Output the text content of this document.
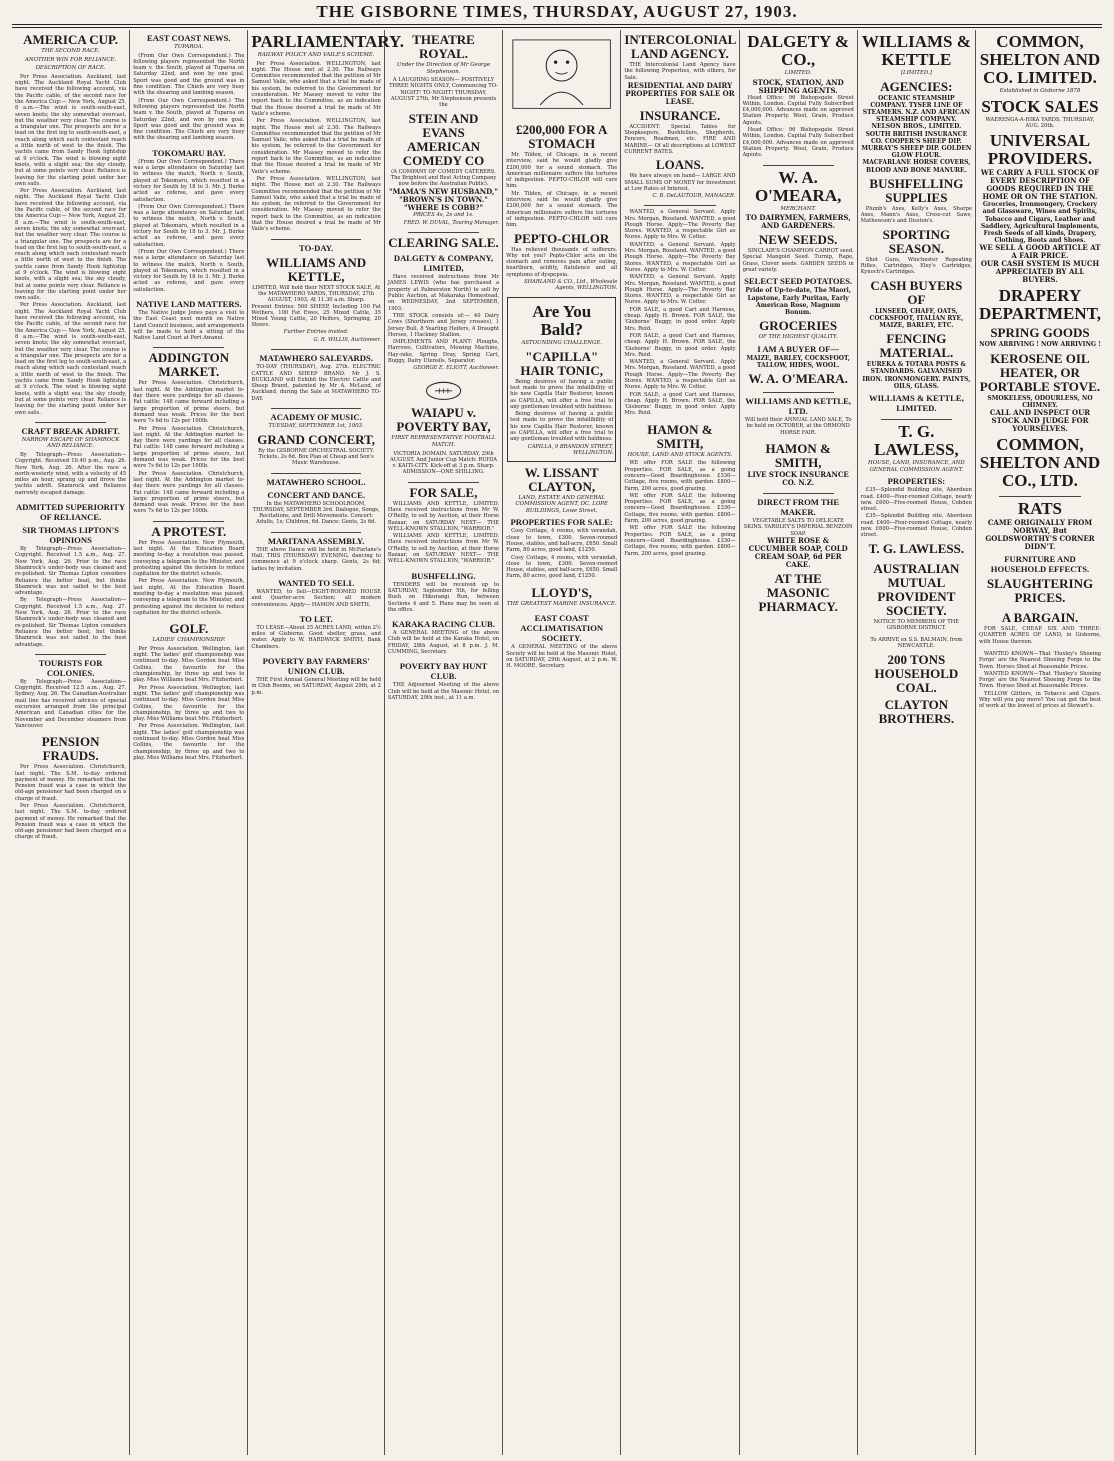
THE GISBORNE TIMES, THURSDAY, AUGUST 27, 1903.
AMERICA CUP.
THE SECOND RACE.
ANOTHER WIN FOR RELIANCE.
DESCRIPTION OF RACE.

Per Press Association. Auckland, last night. The Auckland Royal Yacht Club have received the following account, via the Pacific cable, of the second race for the America Cup:— New York, August 25, 8 a.m.—The wind is south-south-east, seven knots; the sky somewhat overcast, but the weather very clear. The course is a triangular one. The prospects are for a lead on the first leg to south-south-east, a reach along which each contestant reach a little north of west to the finish. The yachts came from Sandy Hook lightship at 9 o'clock. The wind is blowing eight knots, with a slight sea; the sky cloudy, but at some points very clear. Reliance is leaving for the starting point under her own sails.

Per Press Association. Auckland, last night. The Auckland Royal Yacht Club have received the following account, via the Pacific cable, of the second race for the America Cup:— New York, August 25, 8 a.m.—The wind is south-south-east, seven knots; the sky somewhat overcast, but the weather very clear. The course is a triangular one. The prospects are for a lead on the first leg to south-south-east, a reach along which each contestant reach a little north of west to the finish. The yachts came from Sandy Hook lightship at 9 o'clock. The wind is blowing eight knots, with a slight sea; the sky cloudy, but at some points very clear. Reliance is leaving for the starting point under her own sails.

Per Press Association. Auckland, last night. The Auckland Royal Yacht Club have received the following account, via the Pacific cable, of the second race for the America Cup:— New York, August 25, 8 a.m.—The wind is south-south-east, seven knots; the sky somewhat overcast, but the weather very clear. The course is a triangular one. The prospects are for a lead on the first leg to south-south-east, a reach along which each contestant reach a little north of west to the finish. The yachts came from Sandy Hook lightship at 9 o'clock. The wind is blowing eight knots, with a slight sea; the sky cloudy, but at some points very clear. Reliance is leaving for the starting point under her own sails.

CRAFT BREAK ADRIFT.
NARROW ESCAPE OF SHAMROCK AND RELIANCE.

By Telegraph—Press Association—Copyright. Received 10.40 p.m., Aug. 26. New York, Aug. 26. After the race a north-westerly wind, with a velocity of 45 miles an hour, sprang up and drove the yachts adrift. Shamrock and Reliance narrowly escaped damage.

ADMITTED SUPERIORITY OF RELIANCE.
SIR THOMAS LIPTON'S OPINIONS

By Telegraph—Press Association—Copyright. Received 1.5 a.m., Aug. 27. New York, Aug. 26. Prior to the race Shamrock's under-body was cleaned and re-polished. Sir Thomas Lipton considers Reliance the better boat, but thinks Shamrock was not sailed to the best advantage.

By Telegraph—Press Association—Copyright. Received 1.5 a.m., Aug. 27. New York, Aug. 26. Prior to the race Shamrock's under-body was cleaned and re-polished. Sir Thomas Lipton considers Reliance the better boat, but thinks Shamrock was not sailed to the best advantage.

TOURISTS FOR COLONIES.

By Telegraph—Press Association—Copyright. Received 12.5 a.m., Aug. 27. Sydney, Aug. 26. The Canadian-Australian mail line has received advices of special excursion arranged from the principal American and Canadian cities for the November and December steamers from Vancouver.

PENSION FRAUDS.

Per Press Association. Christchurch, last night. The S.M. to-day ordered payment of money. He remarked that the Pension fraud was a case in which the old-age pensioner had been charged on a charge of fraud.

Per Press Association. Christchurch, last night. The S.M. to-day ordered payment of money. He remarked that the Pension fraud was a case in which the old-age pensioner had been charged on a charge of fraud.

EAST COAST NEWS.
TUPAROA.

(From Our Own Correspondent.) The following players represented the North team v. the South, played at Tuparoa on Saturday 22nd, and won by one goal. Sport was good and the ground was in fine condition. The Chiefs are very busy with the shearing and lambing season.

(From Our Own Correspondent.) The following players represented the North team v. the South, played at Tuparoa on Saturday 22nd, and won by one goal. Sport was good and the ground was in fine condition. The Chiefs are very busy with the shearing and lambing season.

TOKOMARU BAY.

(From Our Own Correspondent.) There was a large attendance on Saturday last to witness the match, North v. South, played at Tokomaru, which resulted in a victory for South by 18 to 3. Mr. J. Burke acted as referee, and gave every satisfaction.

(From Our Own Correspondent.) There was a large attendance on Saturday last to witness the match, North v. South, played at Tokomaru, which resulted in a victory for South by 18 to 3. Mr. J. Burke acted as referee, and gave every satisfaction.

(From Our Own Correspondent.) There was a large attendance on Saturday last to witness the match, North v. South, played at Tokomaru, which resulted in a victory for South by 18 to 3. Mr. J. Burke acted as referee, and gave every satisfaction.

NATIVE LAND MATTERS.

The Native Judge Jones pays a visit to the East Coast next month on Native Land Council business, and arrangements will be made to hold a sitting of the Native Land Court at Port Awanui.

ADDINGTON MARKET.

Per Press Association. Christchurch, last night. At the Addington market to-day there were yardings for all classes. Fat cattle: 148 came forward including a large proportion of prime steers, but demand was weak. Prices for the best were 7s 6d to 12s per 100lb.

Per Press Association. Christchurch, last night. At the Addington market to-day there were yardings for all classes. Fat cattle: 148 came forward including a large proportion of prime steers, but demand was weak. Prices for the best were 7s 6d to 12s per 100lb.

Per Press Association. Christchurch, last night. At the Addington market to-day there were yardings for all classes. Fat cattle: 148 came forward including a large proportion of prime steers, but demand was weak. Prices for the best were 7s 6d to 12s per 100lb.

A PROTEST.

Per Press Association. New Plymouth, last night. At the Education Board meeting to-day a resolution was passed, conveying a telegram to the Minister, and protesting against the decision to reduce capitation for the district schools.

Per Press Association. New Plymouth, last night. At the Education Board meeting to-day a resolution was passed, conveying a telegram to the Minister, and protesting against the decision to reduce capitation for the district schools.

GOLF.
LADIES' CHAMPIONSHIP.

Per Press Association. Wellington, last night. The ladies' golf championship was continued to-day. Miss Gordon beat Miss Collins, the favourite for the championship, by three up and two to play. Miss Williams beat Mrs. Fitzherbert.

Per Press Association. Wellington, last night. The ladies' golf championship was continued to-day. Miss Gordon beat Miss Collins, the favourite for the championship, by three up and two to play. Miss Williams beat Mrs. Fitzherbert.

Per Press Association. Wellington, last night. The ladies' golf championship was continued to-day. Miss Gordon beat Miss Collins, the favourite for the championship, by three up and two to play. Miss Williams beat Mrs. Fitzherbert.

PARLIAMENTARY.
RAILWAY POLICY AND VAILE'S SCHEME.

Per Press Association. WELLINGTON, last night. The House met at 2.30. The Railways Committee recommended that the petition of Mr Samuel Vaile, who asked that a trial be made of his system, be referred to the Government for consideration. Mr Massey moved to refer the report back to the Committee, as an indication that the House desired a trial be made of Mr Vaile's scheme.

Per Press Association. WELLINGTON, last night. The House met at 2.30. The Railways Committee recommended that the petition of Mr Samuel Vaile, who asked that a trial be made of his system, be referred to the Government for consideration. Mr Massey moved to refer the report back to the Committee, as an indication that the House desired a trial be made of Mr Vaile's scheme.

Per Press Association. WELLINGTON, last night. The House met at 2.30. The Railways Committee recommended that the petition of Mr Samuel Vaile, who asked that a trial be made of his system, be referred to the Government for consideration. Mr Massey moved to refer the report back to the Committee, as an indication that the House desired a trial be made of Mr Vaile's scheme.

TO-DAY.
WILLIAMS AND KETTLE,
LIMITED, Will hold their NEXT STOCK SALE, At the MATAWHERO YARDS, THURSDAY, 27th AUGUST, 1903, At 11.30 a.m. Sharp.
Present Entries: 500 SHEEP, Including 100 Fat Wethers, 100 Fat Ewes, 25 Mixed Cattle, 35 Mixed Young Cattle, 20 Heifers, Springing, 20 Steers.
Further Entries invited.
G. R. WILLIS, Auctioneer.
MATAWHERO SALEYARDS.

TO-DAY (THURSDAY), Aug. 27th. ELECTRIC CATTLE AND SHEEP BRAND. Mr J. S. BUCKLAND will Exhibit the Electric Cattle and Sheep Brand, patented by Mr A. McLeod, of Auckland, during the Sale at MATAWHERO TO-DAY.

ACADEMY OF MUSIC.
TUESDAY, SEPTEMBER 1st, 1903.
GRAND CONCERT,
By the GISBORNE ORCHESTRAL SOCIETY. Tickets, 2s 6d. Box Plan at Cheap and Son's Music Warehouse.
MATAWHERO SCHOOL.
CONCERT AND DANCE.
In the MATAWHERO SCHOOLROOM, THURSDAY, SEPTEMBER 3rd. Dialogue, Songs, Recitations, and Drill Movements. Concert: Adults, 1s; Children, 6d. Dance: Gents, 2s 6d.
MARITANA ASSEMBLY.

THE above Dance will be held in McFarlane's Hall, THIS (THURSDAY) EVENING, dancing to commence at 9 o'clock sharp. Gents, 2s 6d; ladies by invitation.

WANTED TO SELL

WANTED, to Sell—EIGHT-ROOMED HOUSE and Quarter-acre Section; all modern conveniences. Apply— HAMON AND SMITH.

TO LET.

TO LEASE—About 35 ACRES LAND, within 2½ miles of Gisborne. Good shelter, grass, and water. Apply to W. HARDWICK SMITH, Bank Chambers.

POVERTY BAY FARMERS' UNION CLUB.

THE First Annual General Meeting will be held in Club Rooms, on SATURDAY, August 29th, at 2 p.m.

THEATRE ROYAL.
Under the Direction of Mr George Stephenson.
A LAUGHING SEASON— POSITIVELY THREE NIGHTS ONLY, Commencing TO-NIGHT! TO-NIGHT! THURSDAY, AUGUST 27th. Mr Stephenson presents the
STEIN AND EVANS AMERICAN COMEDY CO
(A COMPANY OF COMEDY CATERERS, The Brightest and Best Acting Company now before the Australian Public).
"MAMA'S NEW HUSBAND," "BROWN'S IN TOWN." "WHERE IS COBB?"
PRICES 4s, 2s and 1s.
FRED. W. DUVAL, Touring Manager.
CLEARING SALE.
DALGETY & COMPANY, LIMITED,

Have received instructions from Mr JAMES LEWIS (who has purchased a property at Palmerston North) to sell by Public Auction, at Makaraka Homestead, on WEDNESDAY, 2nd SEPTEMBER, 1903.

THE STOCK consists of:— 40 Dairy Cows (Shorthorn and Jersey crosses), 1 Jersey Bull, 8 Yearling Heifers, 4 Draught Horses, 1 Hackney Stallion.

IMPLEMENTS AND PLANT: Ploughs, Harrows, Cultivators, Mowing Machine, Hay-rake, Spring Dray, Spring Cart, Buggy, Dairy Utensils, Separator.

GEORGE E. ELIOTT, Auctioneer.
WAIAPU v. POVERTY BAY,
FIRST REPRESENTATIVE FOOTBALL MATCH.
VICTORIA DOMAIN. SATURDAY, 29th AUGUST. And Junior Cup Match: RUHIA v. KAITI-CITY. Kick-off at 3 p.m. Sharp. ADMISSION—ONE SHILLING.
FOR SALE,

WILLIAMS AND KETTLE, LIMITED, Have received instructions from Mr W. O'Reilly, to sell by Auction, at their Horse Bazaar, on SATURDAY NEXT— THE WELL-KNOWN STALLION, "WARRIOR."

WILLIAMS AND KETTLE, LIMITED, Have received instructions from Mr W. O'Reilly, to sell by Auction, at their Horse Bazaar, on SATURDAY NEXT— THE WELL-KNOWN STALLION, "WARRIOR."

BUSHFELLING.

TENDERS will be received up to SATURDAY, September 5th, for felling Bush on Hikurangi Run, between Sections 4 and 5. Plans may be seen at the office.

KARAKA RACING CLUB.

A GENERAL MEETING of the above Club will be held at the Karaka Hotel, on FRIDAY, 28th August, at 8 p.m. J. M. CUMMING, Secretary.

POVERTY BAY HUNT CLUB.

THE Adjourned Meeting of the above Club will be held at the Masonic Hotel, on SATURDAY, 29th inst., at 11 a.m.

£200,000 FOR A STOMACH

Mr. Tilden, of Chicago, in a recent interview, said he would gladly give £200,000 for a sound stomach. The American millionaire suffers the tortures of indigestion. PEPTO-CHLOR will cure him.

Mr. Tilden, of Chicago, in a recent interview, said he would gladly give £200,000 for a sound stomach. The American millionaire suffers the tortures of indigestion. PEPTO-CHLOR will cure him.

PEPTO-CHLOR

Has relieved thousands of sufferers. Why not you? Pepto-Chlor acts on the stomach and removes pain after eating, heartburn, acidity, flatulence and all symptoms of dyspepsia.

SHARLAND & CO., Ltd., Wholesale Agents, WELLINGTON.
Are You Bald?
ASTOUNDING CHALLENGE.
"CAPILLA" HAIR TONIC,

Being desirous of having a public test made to prove the infallibility of his new Capilla Hair Restorer, known as CAPILLA, will offer a free trial to any gentleman troubled with baldness.

Being desirous of having a public test made to prove the infallibility of his new Capilla Hair Restorer, known as CAPILLA, will offer a free trial to any gentleman troubled with baldness.

CAPILLA, 9 BRANDON STREET, WELLINGTON.
W. LISSANT CLAYTON,
LAND, ESTATE AND GENERAL COMMISSION AGENT, DC. LOPE BUILDINGS, Lowe Street.
PROPERTIES FOR SALE:

Cosy Cottage, 4 rooms, with verandah, close to town, £300. Seven-roomed House, stables, and half-acre, £650. Small Farm, 80 acres, good land, £1250.

Cosy Cottage, 4 rooms, with verandah, close to town, £300. Seven-roomed House, stables, and half-acre, £650. Small Farm, 80 acres, good land, £1250.

LLOYD'S,
THE GREATEST MARINE INSURANCE.
EAST COAST ACCLIMATISATION SOCIETY.

A GENERAL MEETING of the above Society will be held at the Masonic Hotel, on SATURDAY, 29th August, at 2 p.m. W. H. MOORE, Secretary.

INTERCOLONIAL LAND AGENCY.

THE Intercolonial Land Agency have the following Properties, with others, for Sale.

RESIDENTIAL AND DAIRY PROPERTIES FOR SALE OR LEASE.
INSURANCE.

ACCIDENT: Special Tables for Shopkeepers, Bushfellers, Shepherds, Fencers, Roadmen, etc. FIRE AND MARINE— Of all descriptions at LOWEST CURRENT RATES.

LOANS.

We have always on hand— LARGE AND SMALL SUMS OF MONEY for Investment at Low Rates of Interest.

C. B. DeLAUTOUR, MANAGER.

WANTED, a General Servant. Apply Mrs. Morgan, Roseland. WANTED, a good Plough Horse. Apply—The Poverty Bay Stores. WANTED, a respectable Girl as Nurse. Apply to Mrs. W. Cotter.

WANTED, a General Servant. Apply Mrs. Morgan, Roseland. WANTED, a good Plough Horse. Apply—The Poverty Bay Stores. WANTED, a respectable Girl as Nurse. Apply to Mrs. W. Cotter.

WANTED, a General Servant. Apply Mrs. Morgan, Roseland. WANTED, a good Plough Horse. Apply—The Poverty Bay Stores. WANTED, a respectable Girl as Nurse. Apply to Mrs. W. Cotter.

FOR SALE, a good Cart and Harness, cheap. Apply H. Brown. FOR SALE, the 'Gisborne' Buggy, in good order. Apply Mrs. Reid.

FOR SALE, a good Cart and Harness, cheap. Apply H. Brown. FOR SALE, the 'Gisborne' Buggy, in good order. Apply Mrs. Reid.

WANTED, a General Servant. Apply Mrs. Morgan, Roseland. WANTED, a good Plough Horse. Apply—The Poverty Bay Stores. WANTED, a respectable Girl as Nurse. Apply to Mrs. W. Cotter.

FOR SALE, a good Cart and Harness, cheap. Apply H. Brown. FOR SALE, the 'Gisborne' Buggy, in good order. Apply Mrs. Reid.

HAMON & SMITH,
HOUSE, LAND AND STOCK AGENTS.

WE offer FOR SALE the following Properties. FOR SALE, as a going concern—Good Boardinghouse. £330—Cottage, five rooms, with garden. £800—Farm, 200 acres, good grazing.

WE offer FOR SALE the following Properties. FOR SALE, as a going concern—Good Boardinghouse. £330—Cottage, five rooms, with garden. £800—Farm, 200 acres, good grazing.

WE offer FOR SALE the following Properties. FOR SALE, as a going concern—Good Boardinghouse. £330—Cottage, five rooms, with garden. £800—Farm, 200 acres, good grazing.

DALGETY & CO.,
LIMITED.
STOCK, STATION, AND SHIPPING AGENTS.

Head Office: 96 Bishopsgate Street Within, London. Capital Fully Subscribed £4,000,000. Advances made on approved Station Property. Wool, Grain, Produce Agents.

Head Office: 96 Bishopsgate Street Within, London. Capital Fully Subscribed £4,000,000. Advances made on approved Station Property. Wool, Grain, Produce Agents.

W. A. O'MEARA,
MERCHANT.
TO DAIRYMEN, FARMERS, AND GARDENERS.
NEW SEEDS.

SINCLAIR'S CHAMPION CARROT seed. Special Mangold Seed. Turnip, Rape, Grass, Clover seeds. GARDEN SEEDS in great variety.

SELECT SEED POTATOES.
Pride of Up-to-date, The Maori, Lapstone, Early Puritan, Early American Rose, Magnum Bonum.
GROCERIES
OF THE HIGHEST QUALITY.
I AM A BUYER OF—
MAIZE, BARLEY, COCKSFOOT, TALLOW, HIDES, WOOL.
W. A. O'MEARA.
WILLIAMS AND KETTLE, LTD.
Will hold their ANNUAL LAND SALE, To be held on OCTOBER, at the ORMOND HORSE FAIR.
HAMON & SMITH,
LIVE STOCK INSURANCE CO. N.Z.
DIRECT FROM THE MAKER.
VEGETABLE SALTS TO DELICATE SKINS. YARDLEY'S IMPERIAL BENZOIN SOAP.
WHITE ROSE & CUCUMBER SOAP, COLD CREAM SOAP, 6d PER CAKE.
AT THE MASONIC PHARMACY.
WILLIAMS & KETTLE
[LIMITED.]
AGENCIES:
OCEANIC STEAMSHIP COMPANY. TYSER LINE OF STEAMERS. N.Z. AND AFRICAN STEAMSHIP COMPANY. NELSON BROS., LIMITED. SOUTH BRITISH INSURANCE CO. COOPER'S SHEEP DIP. MURRAY'S SHEEP DIP. GOLDEN GLOW FLOUR.
MACFARLANE HORSE COVERS, BLOOD AND BONE MANURE.
BUSHFELLING SUPPLIES

Plumb's Axes, Kelly's Axes, Sharpe Axes, Mann's Axes, Cross-cut Saws, Mathewson's and Disston's.

SPORTING SEASON.

Shot Guns, Winchester Repeating Rifles, Cartridges, Eley's Cartridges, Kynoch's Cartridges.

CASH BUYERS OF
LINSEED, CHAFF, OATS, COCKSFOOT, ITALIAN RYE, MAIZE, BARLEY, ETC.
FENCING MATERIAL.
EUREKA & TOTARA POSTS & STANDARDS. GALVANISED IRON. IRONMONGERY. PAINTS, OILS, GLASS.
WILLIAMS & KETTLE, LIMITED.
T. G. LAWLESS,
HOUSE, LAND, INSURANCE, AND GENERAL COMMISSION AGENT.
PROPERTIES:

£35—Splendid Building site, Aberdeen road. £400—Four-roomed Cottage, nearly new. £600—Five-roomed House, Cobden street.

£35—Splendid Building site, Aberdeen road. £400—Four-roomed Cottage, nearly new. £600—Five-roomed House, Cobden street.

T. G. LAWLESS.
AUSTRALIAN MUTUAL PROVIDENT SOCIETY.
NOTICE TO MEMBERS OF THE GISBORNE DISTRICT.
To ARRIVE ex S.S. BALMAIN, from NEWCASTLE.
200 TONS HOUSEHOLD COAL.
CLAYTON BROTHERS.
COMMON, SHELTON AND CO. LIMITED.
Established in Gisborne 1878
STOCK SALES
WAERENGA-A-HIKA YARDS. THURSDAY, AUG. 20th.
UNIVERSAL PROVIDERS.
WE CARRY A FULL STOCK OF EVERY DESCRIPTION OF GOODS REQUIRED IN THE HOME OR ON THE STATION.
Groceries, Ironmongery, Crockery and Glassware, Wines and Spirits, Tobacco and Cigars, Leather and Saddlery, Agricultural Implements, Fresh Seeds of all kinds, Drapery, Clothing, Boots and Shoes.
WE SELL A GOOD ARTICLE AT A FAIR PRICE.
OUR CASH SYSTEM IS MUCH APPRECIATED BY ALL BUYERS.
DRAPERY DEPARTMENT,
SPRING GOODS
NOW ARRIVING ! NOW ARRIVING !
KEROSENE OIL HEATER, OR PORTABLE STOVE.
SMOKELESS, ODOURLESS, NO CHIMNEY.
CALL AND INSPECT OUR STOCK AND JUDGE FOR YOURSELVES.
COMMON, SHELTON AND CO., LTD.
RATS
CAME ORIGINALLY FROM NORWAY, But GOLDSWORTHY'S CORNER DIDN'T.
FURNITURE AND HOUSEHOLD EFFECTS.
SLAUGHTERING PRICES.
A BARGAIN.

FOR SALE, CHEAP. SIX AND THREE-QUARTER ACRES OF LAND, in Gisborne, with House thereon.

WANTED KNOWN—That 'Huxley's Shoeing Forge' are the Nearest Shoeing Forge to the Town. Horses Shod at Reasonable Prices.

WANTED KNOWN—That 'Huxley's Shoeing Forge' are the Nearest Shoeing Forge to the Town. Horses Shod at Reasonable Prices.

YELLOW Glitters, in Tobacco and Cigars. Why will you pay more? You can get the best of work at the lowest of prices at Stewart's.
